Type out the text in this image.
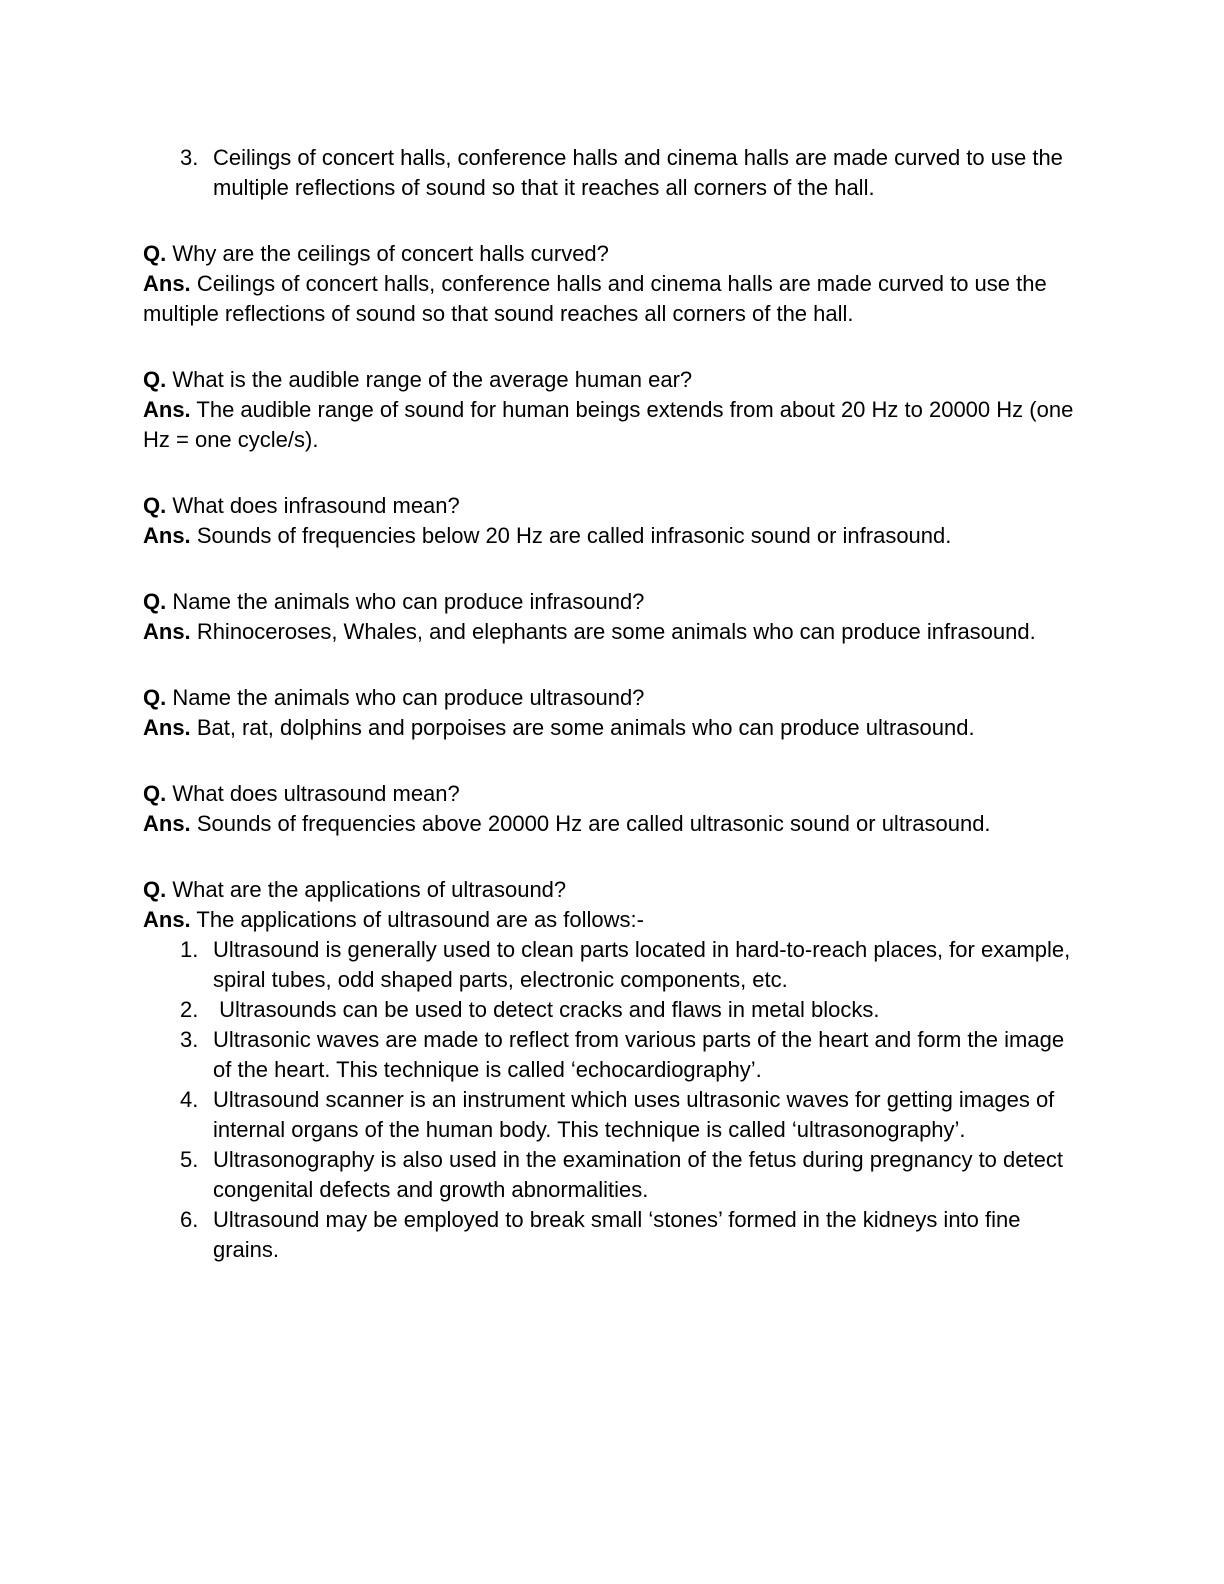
3. Ceilings of concert halls, conference halls and cinema halls are made curved to use the multiple reflections of sound so that it reaches all corners of the hall.

Q. Why are the ceilings of concert halls curved?

Ans. Ceilings of concert halls, conference halls and cinema halls are made curved to use the multiple reflections of sound so that sound reaches all corners of the hall.

Q. What is the audible range of the average human ear?

Ans. The audible range of sound for human beings extends from about 20 Hz to 20000 Hz (one Hz = one cycle/s).

Q. What does infrasound mean?

Ans. Sounds of frequencies below 20 Hz are called infrasonic sound or infrasound.

Q. Name the animals who can produce infrasound?

Ans. Rhinoceroses, Whales, and elephants are some animals who can produce infrasound.

Q. Name the animals who can produce ultrasound?

Ans. Bat, rat, dolphins and porpoises are some animals who can produce ultrasound.

Q. What does ultrasound mean?

Ans. Sounds of frequencies above 20000 Hz are called ultrasonic sound or ultrasound.

Q. What are the applications of ultrasound?

Ans. The applications of ultrasound are as follows:-

1. Ultrasound is generally used to clean parts located in hard-to-reach places, for example, spiral tubes, odd shaped parts, electronic components, etc.
2. Ultrasounds can be used to detect cracks and flaws in metal blocks.
3. Ultrasonic waves are made to reflect from various parts of the heart and form the image of the heart. This technique is called ‘echocardiography’.
4. Ultrasound scanner is an instrument which uses ultrasonic waves for getting images of internal organs of the human body. This technique is called ‘ultrasonography’.
5. Ultrasonography is also used in the examination of the fetus during pregnancy to detect congenital defects and growth abnormalities.
6. Ultrasound may be employed to break small ‘stones’ formed in the kidneys into fine grains.
